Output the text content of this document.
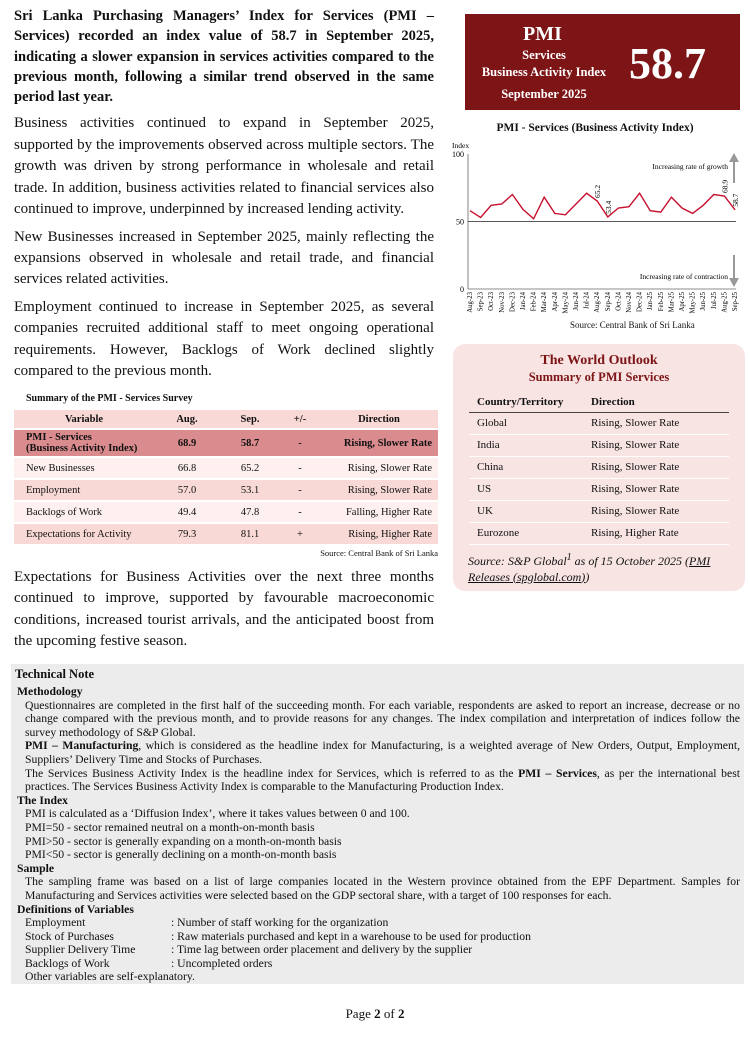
Sri Lanka Purchasing Managers’ Index for Services (PMI – Services) recorded an index value of 58.7 in September 2025, indicating a slower expansion in services activities compared to the previous month, following a similar trend observed in the same period last year.

Business activities continued to expand in September 2025, supported by the improvements observed across multiple sectors. The growth was driven by strong performance in wholesale and retail trade. In addition, business activities related to financial services also continued to improve, underpinned by increased lending activity.

New Businesses increased in September 2025, mainly reflecting the expansions observed in wholesale and retail trade, and financial services related activities.

Employment continued to increase in September 2025, as several companies recruited additional staff to meet ongoing operational requirements. However, Backlogs of Work declined slightly compared to the previous month.

Summary of the PMI - Services Survey
Variable	Aug.	Sep.	+/-	Direction
PMI - Services
(Business Activity Index)	68.9	58.7	-	Rising, Slower Rate
New Businesses	66.8	65.2	-	Rising, Slower Rate
Employment	57.0	53.1	-	Rising, Slower Rate
Backlogs of Work	49.4	47.8	-	Falling, Higher Rate
Expectations for Activity	79.3	81.1	+	Rising, Higher Rate
Source: Central Bank of Sri Lanka

Expectations for Business Activities over the next three months continued to improve, supported by favourable macroeconomic conditions, increased tourist arrivals, and the anticipated boost from the upcoming festive season.

PMI
Services
Business Activity Index
September 2025
58.7
PMI - Services (Business Activity Index)
Index
100
50
0
Increasing rate of growth
Increasing rate of contraction
Aug-23 Sep-23 Oct-23 Nov-23 Dec-23 Jan-24 Feb-24 Mar-24 Apr-24 May-24 Jun-24 Jul-24 Aug-24 Sep-24 Oct-24 Nov-24 Dec-24 Jan-25 Feb-25 Mar-25 Apr-25 May-25 Jun-25 Jul-25 Aug-25 Sep-25
65.2
53.4
68.9
58.7
Source: Central Bank of Sri Lanka
The World Outlook
Summary of PMI Services
Country/Territory	Direction
Global	Rising, Slower Rate
India	Rising, Slower Rate
China	Rising, Slower Rate
US	Rising, Slower Rate
UK	Rising, Slower Rate
Eurozone	Rising, Higher Rate
Source: S&P Global$^1$ as of 15 October 2025 (PMI Releases (spglobal.com))
Technical Note
Methodology
Questionnaires are completed in the first half of the succeeding month. For each variable, respondents are asked to report an increase, decrease or no change compared with the previous month, and to provide reasons for any changes. The index compilation and interpretation of indices follow the survey methodology of S&P Global.
PMI – Manufacturing, which is considered as the headline index for Manufacturing, is a weighted average of New Orders, Output, Employment, Suppliers’ Delivery Time and Stocks of Purchases.
The Services Business Activity Index is the headline index for Services, which is referred to as the PMI – Services, as per the international best practices. The Services Business Activity Index is comparable to the Manufacturing Production Index.
The Index
PMI is calculated as a ‘Diffusion Index’, where it takes values between 0 and 100.
PMI=50 - sector remained neutral on a month-on-month basis
PMI>50 - sector is generally expanding on a month-on-month basis
PMI<50 - sector is generally declining on a month-on-month basis
Sample
The sampling frame was based on a list of large companies located in the Western province obtained from the EPF Department. Samples for Manufacturing and Services activities were selected based on the GDP sectoral share, with a target of 100 responses for each.
Definitions of Variables
Employment	: Number of staff working for the organization
Stock of Purchases	: Raw materials purchased and kept in a warehouse to be used for production
Supplier Delivery Time	: Time lag between order placement and delivery by the supplier
Backlogs of Work	: Uncompleted orders
Other variables are self-explanatory.
Page 2 of 2
